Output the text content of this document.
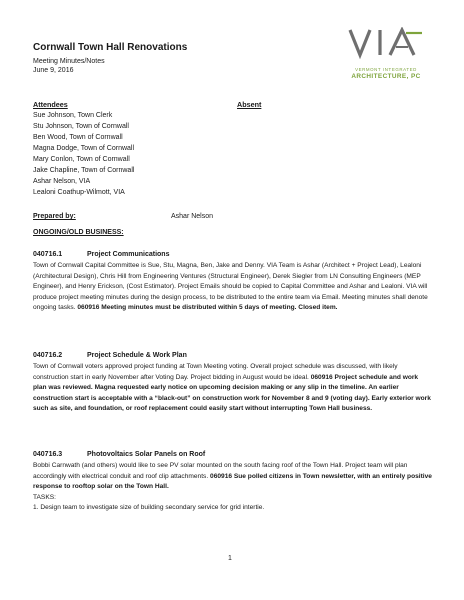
Cornwall Town Hall Renovations
Meeting Minutes/Notes
June 9, 2016	VERMONT INTEGRATED
ARCHITECTURE, PC
Attendees	Absent
Sue Johnson, Town Clerk
Stu Johnson, Town of Cornwall
Ben Wood, Town of Cornwall
Magna Dodge, Town of Cornwall
Mary Conlon, Town of Cornwall
Jake Chapline, Town of Cornwall
Ashar Nelson, VIA
Lealoni Coathup-Wilmott, VIA
Prepared by:	Ashar Nelson
ONGOING/OLD BUSINESS:
040716.1	Project Communications
Town of Cornwall Capital Committee is Sue, Stu, Magna, Ben, Jake and Denny. VIA Team is Ashar (Architect + Project Lead), Lealoni (Architectural Design), Chris Hill from Engineering Ventures (Structural Engineer), Derek Siegler from LN Consulting Engineers (MEP Engineer), and Henry Erickson, (Cost Estimator). Project Emails should be copied to Capital Committee and Ashar and Lealoni. VIA will produce project meeting minutes during the design process, to be distributed to the entire team via Email. Meeting minutes shall denote ongoing tasks. 060916 Meeting minutes must be distributed within 5 days of meeting. Closed item.
040716.2	Project Schedule & Work Plan
Town of Cornwall voters approved project funding at Town Meeting voting. Overall project schedule was discussed, with likely construction start in early November after Voting Day. Project bidding in August would be ideal. 060916 Project schedule and work plan was reviewed. Magna requested early notice on upcoming decision making or any slip in the timeline. An earlier construction start is acceptable with a “black-out” on construction work for November 8 and 9 (voting day). Early exterior work such as site, and foundation, or roof replacement could easily start without interrupting Town Hall business.
040716.3	Photovoltaics Solar Panels on Roof
Bobbi Carnwath (and others) would like to see PV solar mounted on the south facing roof of the Town Hall. Project team will plan accordingly with electrical conduit and roof clip attachments. 060916 Sue polled citizens in Town newsletter, with an entirely positive response to rooftop solar on the Town Hall.
TASKS:
1. Design team to investigate size of building secondary service for grid intertie.
1
